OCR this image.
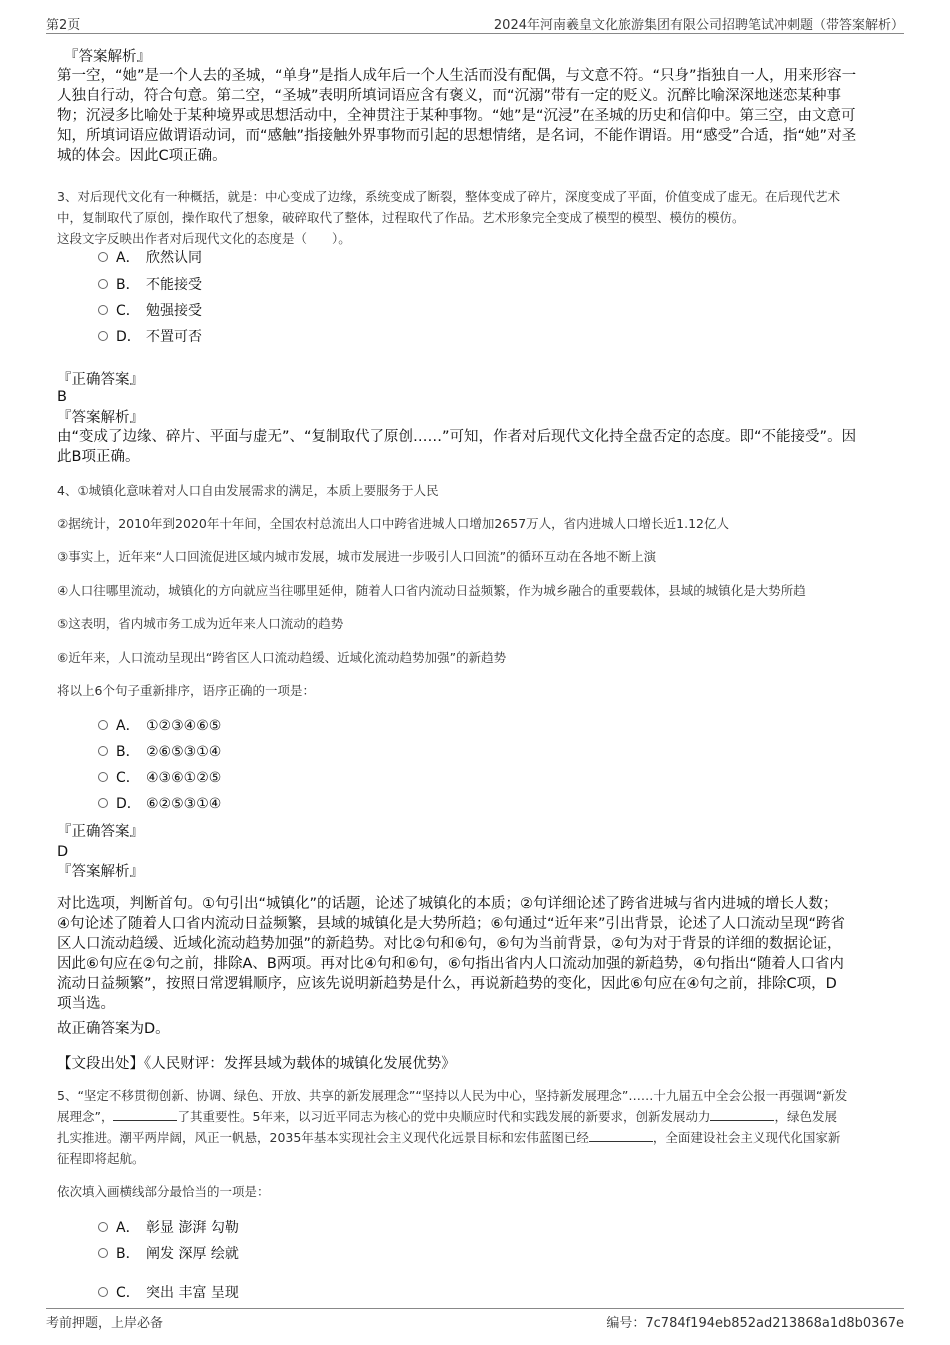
第2页	2024年河南羲皇文化旅游集团有限公司招聘笔试冲刺题（带答案解析）
『答案解析』
第一空，“她”是一个人去的圣城，“单身”是指人成年后一个人生活而没有配偶，与文意不符。“只身”指独自一人，用来形容一
人独自行动，符合句意。第二空，“圣城”表明所填词语应含有褒义，而“沉溺”带有一定的贬义。沉醉比喻深深地迷恋某种事
物；沉浸多比喻处于某种境界或思想活动中，全神贯注于某种事物。“她”是“沉浸”在圣城的历史和信仰中。第三空，由文意可
知，所填词语应做谓语动词，而“感触”指接触外界事物而引起的思想情绪，是名词，不能作谓语。用“感受”合适，指“她”对圣
城的体会。因此C项正确。
3、对后现代文化有一种概括，就是：中心变成了边缘，系统变成了断裂，整体变成了碎片，深度变成了平面，价值变成了虚无。在后现代艺术
中，复制取代了原创，操作取代了想象，破碎取代了整体，过程取代了作品。艺术形象完全变成了模型的模型、模仿的模仿。
这段文字反映出作者对后现代文化的态度是（　　）。
A． 欣然认同
B． 不能接受
C． 勉强接受
D． 不置可否
『正确答案』
B
『答案解析』
由“变成了边缘、碎片、平面与虚无”、“复制取代了原创……”可知，作者对后现代文化持全盘否定的态度。即“不能接受”。因
此B项正确。
4、①城镇化意味着对人口自由发展需求的满足，本质上要服务于人民
②据统计，2010年到2020年十年间，全国农村总流出人口中跨省进城人口增加2657万人，省内进城人口增长近1.12亿人
③事实上，近年来“人口回流促进区域内城市发展，城市发展进一步吸引人口回流”的循环互动在各地不断上演
④人口往哪里流动，城镇化的方向就应当往哪里延伸，随着人口省内流动日益频繁，作为城乡融合的重要载体，县域的城镇化是大势所趋
⑤这表明，省内城市务工成为近年来人口流动的趋势
⑥近年来，人口流动呈现出“跨省区人口流动趋缓、近域化流动趋势加强”的新趋势
将以上6个句子重新排序，语序正确的一项是：
A． ①②③④⑥⑤
B． ②⑥⑤③①④
C． ④③⑥①②⑤
D． ⑥②⑤③①④
『正确答案』
D
『答案解析』
对比选项，判断首句。①句引出“城镇化”的话题，论述了城镇化的本质；②句详细论述了跨省进城与省内进城的增长人数；
④句论述了随着人口省内流动日益频繁，县域的城镇化是大势所趋；⑥句通过“近年来”引出背景，论述了人口流动呈现“跨省
区人口流动趋缓、近域化流动趋势加强”的新趋势。对比②句和⑥句，⑥句为当前背景，②句为对于背景的详细的数据论证，
因此⑥句应在②句之前，排除A、B两项。再对比④句和⑥句，⑥句指出省内人口流动加强的新趋势，④句指出“随着人口省内
流动日益频繁”，按照日常逻辑顺序，应该先说明新趋势是什么，再说新趋势的变化，因此⑥句应在④句之前，排除C项，D
项当选。
故正确答案为D。
【文段出处】《人民财评：发挥县域为载体的城镇化发展优势》
5、“坚定不移贯彻创新、协调、绿色、开放、共享的新发展理念”“坚持以人民为中心，坚持新发展理念”……十九届五中全会公报一再强调“新发
展理念”，	了其重要性。5年来，以习近平同志为核心的党中央顺应时代和实践发展的新要求，创新发展动力	，绿色发展
扎实推进。潮平两岸阔，风正一帆悬，2035年基本实现社会主义现代化远景目标和宏伟蓝图已经	，全面建设社会主义现代化国家新
征程即将起航。
依次填入画横线部分最恰当的一项是：
A． 彰显 澎湃 勾勒
B． 阐发 深厚 绘就
C． 突出 丰富 呈现
考前押题，上岸必备	编号：7c784f194eb852ad213868a1d8b0367e
